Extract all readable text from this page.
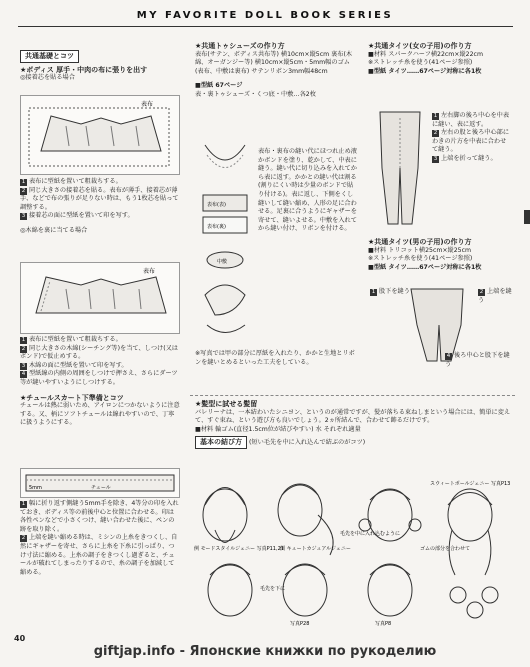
MY FAVORITE DOLL BOOK SERIES
共通基礎とコツ
★ボディス 厚手・中肉の布に張りを出す
◎接着芯を貼る場合
表布
1 表布に型紙を置いて粗裁ちする。
2 同じ大きさの接着芯を貼る。表布が薄手、接着芯が薄手、などで布の張りが足りない時は、もう1枚芯を貼って調整する。
3 接着芯の面に型紙を置いて印を写す。
◎木綿を裏に当てる場合
表布
1 表布に型紙を置いて粗裁ちする。
2 同じ大きさの木綿(シーチング等)を当て、しつけ(又はボンド)で仮止めする。
3 木綿の面に型紙を置いて印を写す。
4 型紙線の内側の周囲をしつけで押さえ、さらにダーツ等が縫いやすいようにしつけする。
★チュールスカート下準備とコツ
チュールは熱に弱いため、アイロンにつかないように注意する。又、柄にソフトチュールは線れやすいので、丁寧に扱うようにする。
5mm	チュール
1 幅に折り返す側縫う5mm手を除き、4等分の印を入れておき、ボディス等の前後中心と位置に合わせる。印は各性ペンなどで小さくつけ、縫い合わせた後に、ペンの跡を取り除く。
2 上端を縫い縮める時は、ミシンの上糸をきつくし、自然にギャザーを寄せ、さらに上糸を下糸に引っぱり、つけ寸法に縮める。上糸の調子をきつくし過ぎると、チュールが破れてしまったりするので、糸の調子を加減して縮める。
★共通トゥシューズの作り方
表布(サテン、ボディス共布等) 横10cm×縦5cm 裏布(木綿、オーガンジー等) 横10cm×縦5cm・5mm幅のゴム(表布、中敷は裏布) サテンリボン3mm幅48cm
■型紙 67ページ
表・裏トゥシューズ・くつ底・中敷…各2枚
表布(表)
表布(裏)
中敷
表布・裏布の縫い代にほつれ止め液かボンドを塗り、乾かして、中表に縫う。縫い代に切り込みを入れてから表に返す。かかとの縫い代は割る(割りにくい時は少量のボンドで貼り付ける)。表に返し、下側をくし縫いして縫い縮め、人形の足に合わせる。足裏に合うようにギャザーを寄せて、縫いよせる。中敷を入れてから縫い付け、リボンを付ける。
※写真では甲の部分に厚紙を入れたり、かかと生地とリボンを縫いとめるといった工夫をしている。
★共通タイツ(女の子用)の作り方
■材料 スパークハーフ横22cm×縦22cm
※ストレッチ糸を使う(41ページ参照)
■型紙 タイツ……67ページ対称に各1枚
1 左右脚の後ろ中心を中表に縫い、表に返す。
2 左右の股と後ろ中心部にわきの片方を中表に合わせて縫う。
3 上端を折って縫う。
★共通タイツ(男の子用)の作り方
■材料 トリコット横25cm×縦25cm
※ストレッチ糸を使う(41ページ参照)
■型紙 タイツ……67ページ対称に各1枚
1 股下を縫う	2 上端を縫う
4 後ろ中心と股下を縫う
★髪型に試せる髪留
バレリーナは、一本結わいたシニヨン、というのが通常ですが、髪が落ちる束ねしまという場合には、簡単に変えて、すぐ束ね、という遊び方も良いでしょう。2ヵ所結んで、合わせて飾るだけです。
■材料 輪ゴム(直径1.5cm位が結びやすい) 水 それぞれ適量
基本の結び方 (短い毛先を中に入れ込んで結ぶのがコツ)
例 モードスタイルジェニー 写真P11,21
例 キュートカジュアルジェニー
毛先を中に入れ込むように
ゴムの部分を合わせて
毛先を下に
写真P28	写真P8
スウィートボールジェニー 写真P13
40
giftjap.info - Японские книжки по рукоделию
